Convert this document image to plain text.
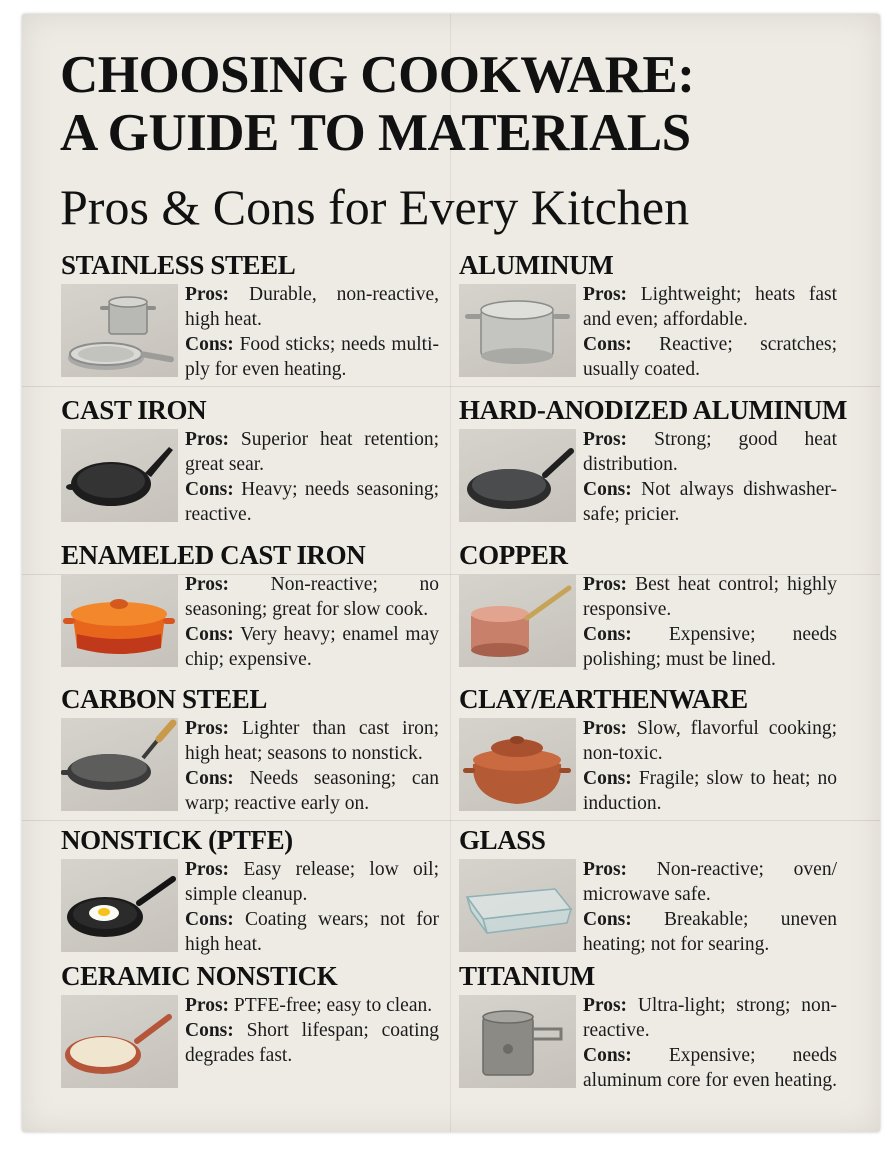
CHOOSING COOKWARE:
A GUIDE TO MATERIALS
Pros & Cons for Every Kitchen
STAINLESS STEEL

Pros: Durable, non-reactive, high heat.

Cons: Food sticks; needs multi-ply for even heating.

CAST IRON

Pros: Superior heat retention; great sear.

Cons: Heavy; needs seasoning; reactive.

ENAMELED CAST IRON

Pros: Non-reactive; no seasoning; great for slow cook.

Cons: Very heavy; enamel may chip; expensive.

CARBON STEEL

Pros: Lighter than cast iron; high heat; seasons to nonstick.

Cons: Needs seasoning; can warp; reactive early on.

NONSTICK (PTFE)

Pros: Easy release; low oil; simple cleanup.

Cons: Coating wears; not for high heat.

CERAMIC NONSTICK

Pros: PTFE-free; easy to clean.

Cons: Short lifespan; coating degrades fast.

ALUMINUM

Pros: Lightweight; heats fast and even; affordable.

Cons: Reactive; scratches; usually coated.

HARD-ANODIZED ALUMINUM

Pros: Strong; good heat distribution.

Cons: Not always dishwasher-safe; pricier.

COPPER

Pros: Best heat control; highly responsive.

Cons: Expensive; needs polishing; must be lined.

CLAY/EARTHENWARE

Pros: Slow, flavorful cooking; non-toxic.

Cons: Fragile; slow to heat; no induction.

GLASS

Pros: Non-reactive; oven/ microwave safe.

Cons: Breakable; uneven heating; not for searing.

TITANIUM

Pros: Ultra-light; strong; non-reactive.

Cons: Expensive; needs aluminum core for even heating.
